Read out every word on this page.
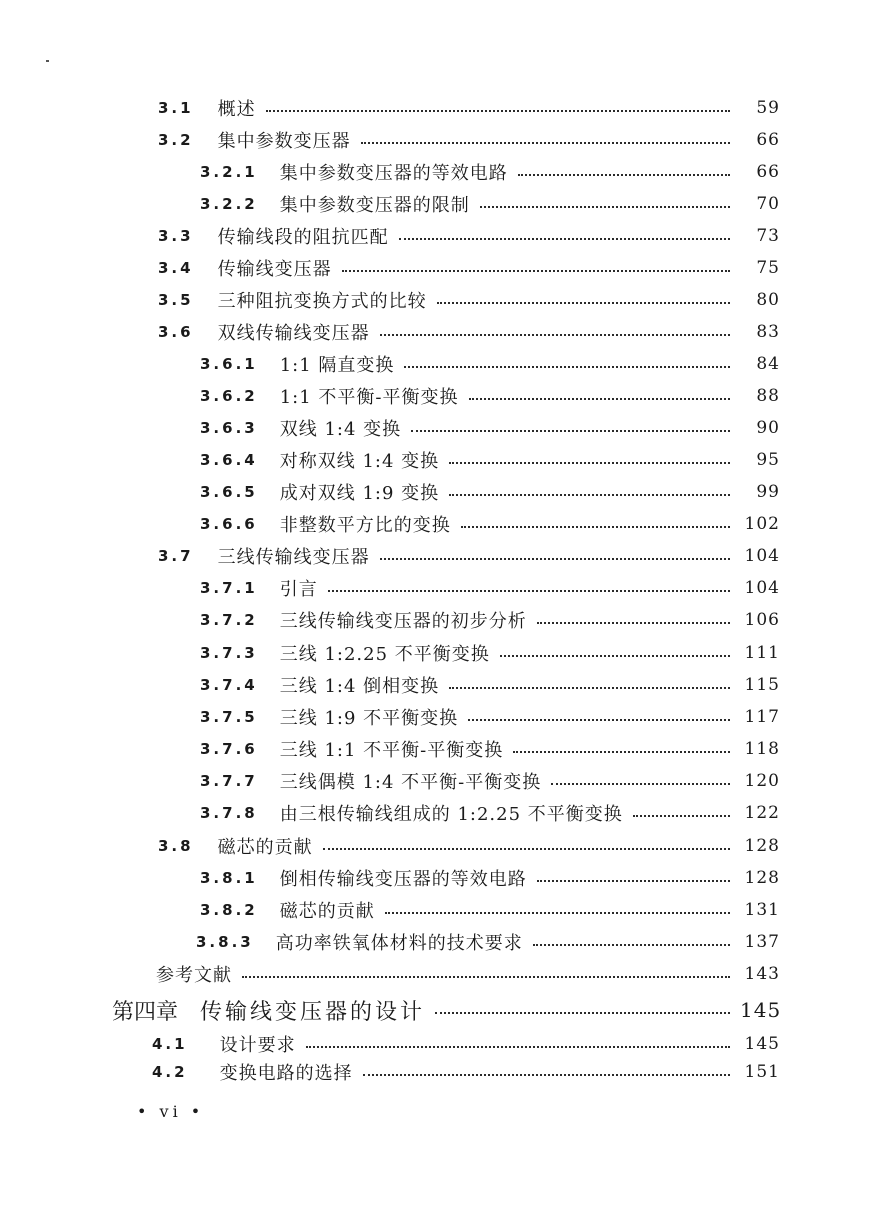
3.1 概述	59
3.2 集中参数变压器	66
3.2.1 集中参数变压器的等效电路	66
3.2.2 集中参数变压器的限制	70
3.3 传输线段的阻抗匹配	73
3.4 传输线变压器	75
3.5 三种阻抗变换方式的比较	80
3.6 双线传输线变压器	83
3.6.1 1:1 隔直变换	84
3.6.2 1:1 不平衡-平衡变换	88
3.6.3 双线 1:4 变换	90
3.6.4 对称双线 1:4 变换	95
3.6.5 成对双线 1:9 变换	99
3.6.6 非整数平方比的变换	102
3.7 三线传输线变压器	104
3.7.1 引言	104
3.7.2 三线传输线变压器的初步分析	106
3.7.3 三线 1:2.25 不平衡变换	111
3.7.4 三线 1:4 倒相变换	115
3.7.5 三线 1:9 不平衡变换	117
3.7.6 三线 1:1 不平衡-平衡变换	118
3.7.7 三线偶模 1:4 不平衡-平衡变换	120
3.7.8 由三根传输线组成的 1:2.25 不平衡变换	122
3.8 磁芯的贡献	128
3.8.1 倒相传输线变压器的等效电路	128
3.8.2 磁芯的贡献	131
3.8.3 高功率铁氧体材料的技术要求	137
参考文献	143
第四章 传输线变压器的设计	145
4.1 设计要求	145
4.2 变换电路的选择	151
• vi •
